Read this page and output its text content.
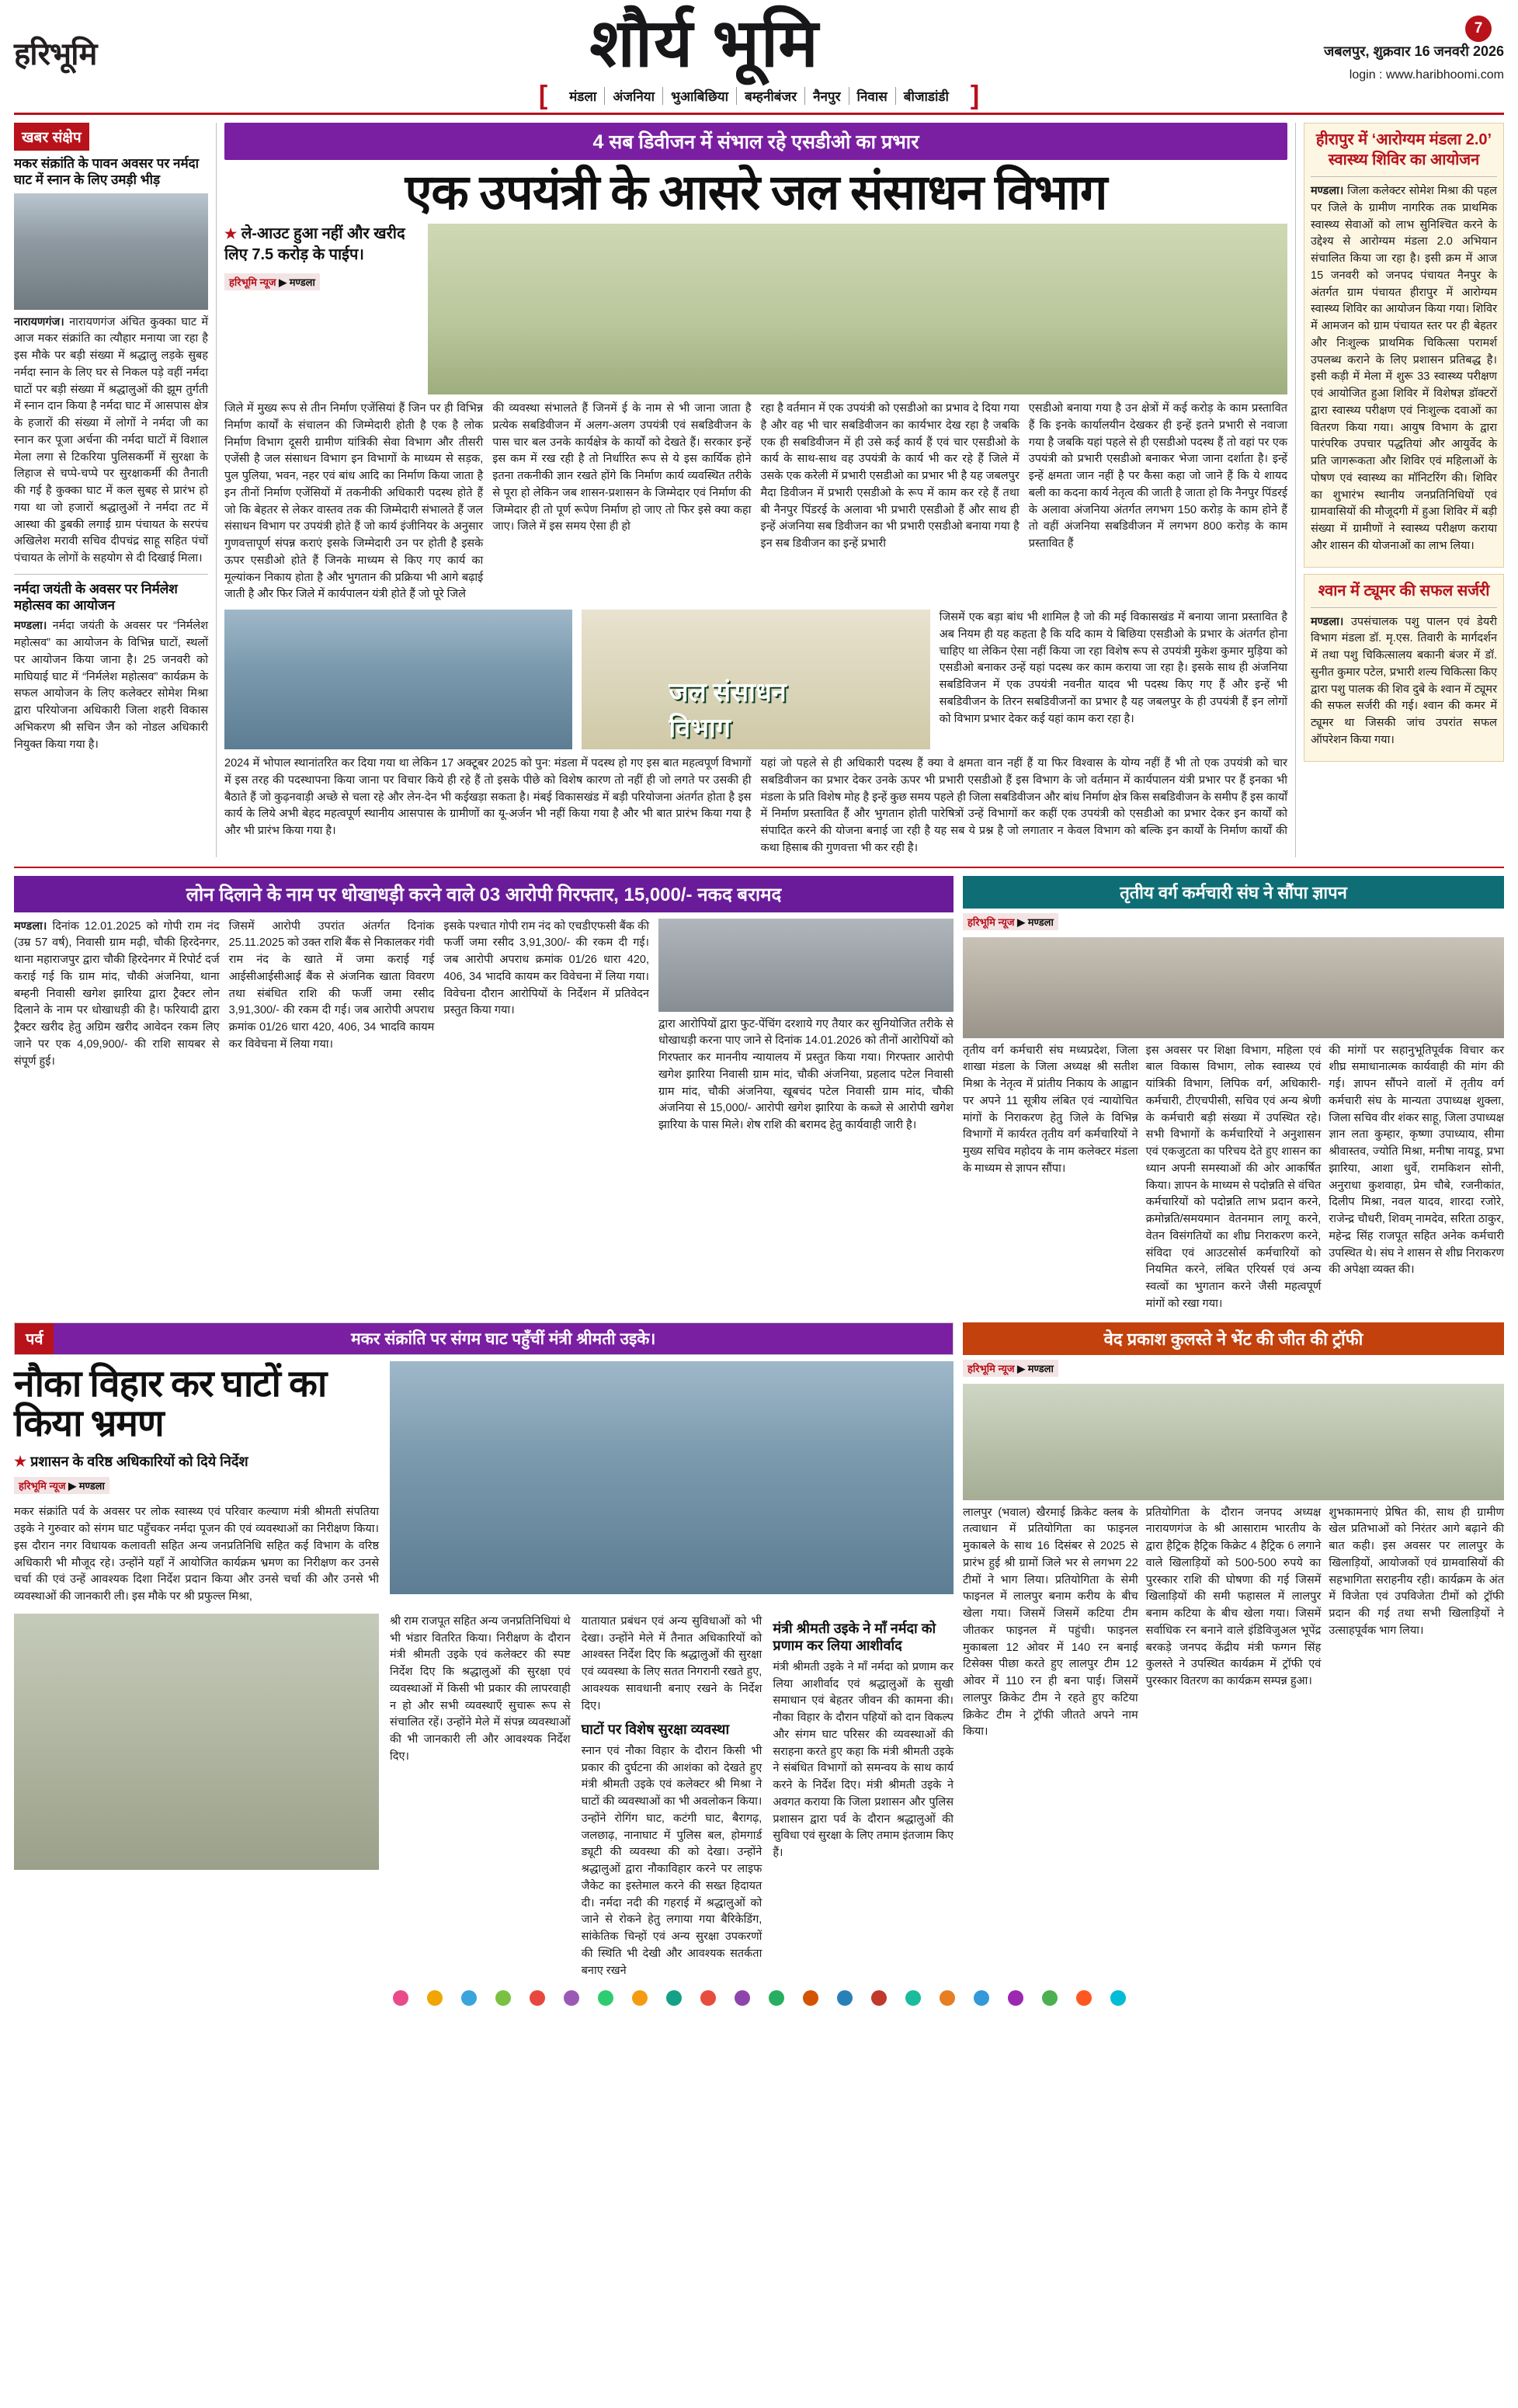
7
हरिभूमि	शौर्य भूमि	जबलपुर, शुक्रवार 16 जनवरी 2026
login : www.haribhoomi.com
[	मंडला	अंजनिया	भुआबिछिया	बम्हनीबंजर	नैनपुर	निवास	बीजाडांडी ]
खबर संक्षेप
मकर संक्रांति के पावन अवसर पर नर्मदा घाट में स्नान के लिए उमड़ी भीड़

नारायणगंज। नारायणगंज अंचित कुक्का घाट में आज मकर संक्रांति का त्यौहार मनाया जा रहा है इस मौके पर बड़ी संख्या में श्रद्धालु लड़के सुबह नर्मदा स्नान के लिए घर से निकल पड़े वहीं नर्मदा घाटों पर बड़ी संख्या में श्रद्धालुओं की झूम तुर्गती में स्नान दान किया है नर्मदा घाट में आसपास क्षेत्र के हजारों की संख्या में लोगों ने नर्मदा जी का स्नान कर पूजा अर्चना की नर्मदा घाटों में विशाल मेला लगा से टिकरिया पुलिसकर्मी में सुरक्षा के लिहाज से चप्पे-चप्पे पर सुरक्षाकर्मी की तैनाती की गई है कुक्का घाट में कल सुबह से प्रारंभ हो गया था जो हजारों श्रद्धालुओं ने नर्मदा तट में आस्था की डुबकी लगाई ग्राम पंचायत के सरपंच अखिलेश मरावी सचिव दीपचंद्र साहू सहित पंचों पंचायत के लोगों के सहयोग से दी दिखाई मिला।

नर्मदा जयंती के अवसर पर निर्मलेश महोत्सव का आयोजन

मण्डला। नर्मदा जयंती के अवसर पर “निर्मलेश महोत्सव” का आयोजन के विभिन्न घाटों, स्थलों पर आयोजन किया जाना है। 25 जनवरी को माघियाई घाट में “निर्मलेश महोत्सव” कार्यक्रम के सफल आयोजन के लिए कलेक्टर सोमेश मिश्रा द्वारा परियोजना अधिकारी जिला शहरी विकास अभिकरण श्री सचिन जैन को नोडल अधिकारी नियुक्त किया गया है।

4 सब डिवीजन में संभाल रहे एसडीओ का प्रभार
एक उपयंत्री के आसरे जल संसाधन विभाग
★ ले-आउट हुआ नहीं और खरीद लिए 7.5 करोड़ के पाईप।
हरिभूमि न्यूज ▶ मण्डला
जिले में मुख्य रूप से तीन निर्माण एजेंसियां हैं जिन पर ही विभिन्न निर्माण कार्यों के संचालन की जिम्मेदारी होती है एक है लोक निर्माण विभाग दूसरी ग्रामीण यांत्रिकी सेवा विभाग और तीसरी एजेंसी है जल संसाधन विभाग इन विभागों के माध्यम से सड़क, पुल पुलिया, भवन, नहर एवं बांध आदि का निर्माण किया जाता है इन तीनों निर्माण एजेंसियों में तकनीकी अधिकारी पदस्थ होते हैं जो कि बेहतर से लेकर वास्तव तक की जिम्मेदारी संभालते हैं जल संसाधन विभाग पर उपयंत्री होते हैं जो कार्य इंजीनियर के अनुसार गुणवत्तापूर्ण संपन्न कराएं इसके जिम्मेदारी उन पर होती है इसके ऊपर एसडीओ होते हैं जिनके माध्यम से किए गए कार्य का मूल्यांकन निकाय होता है और भुगतान की प्रक्रिया भी आगे बढ़ाई जाती है और फिर जिले में कार्यपालन यंत्री होते हैं जो पूरे जिले
की व्यवस्था संभालते हैं जिनमें ई के नाम से भी जाना जाता है प्रत्येक सबडिवीजन में अलग-अलग उपयंत्री एवं सबडिवीजन के पास चार बल उनके कार्यक्षेत्र के कार्यों को देखते हैं। सरकार इन्हें इस कम में रख रही है तो निर्धारित रूप से ये इस कार्यिक होने इतना तकनीकी ज्ञान रखते होंगे कि निर्माण कार्य व्यवस्थित तरीके से पूरा हो लेकिन जब शासन-प्रशासन के जिम्मेदार एवं निर्माण की जिम्मेदार ही तो पूर्ण रूपेण निर्माण हो जाए तो फिर इसे क्या कहा जाए। जिले में इस समय ऐसा ही हो
रहा है वर्तमान में एक उपयंत्री को एसडीओ का प्रभाव दे दिया गया है और वह भी चार सबडिवीजन का कार्यभार देख रहा है जबकि एक ही सबडिवीजन में ही उसे कई कार्य हैं एवं चार एसडीओ के कार्य के साथ-साथ वह उपयंत्री के कार्य भी कर रहे हैं जिले में उसके एक करेली में प्रभारी एसडीओ का प्रभार भी है यह जबलपुर मैदा डिवीजन में प्रभारी एसडीओ के रूप में काम कर रहे हैं तथा बी नैनपुर पिंडरई के अलावा भी प्रभारी एसडीओ हैं और साथ ही इन्हें अंजनिया सब डिवीजन का भी प्रभारी एसडीओ बनाया गया है इन सब डिवीजन का इन्हें प्रभारी
एसडीओ बनाया गया है उन क्षेत्रों में कई करोड़ के काम प्रस्तावित हैं कि इनके कार्यालयीन देखकर ही इन्हें इतने प्रभारी से नवाजा गया है जबकि यहां पहले से ही एसडीओ पदस्थ हैं तो वहां पर एक उपयंत्री को प्रभारी एसडीओ बनाकर भेजा जाना दर्शाता है। इन्हें इन्हें क्षमता जान नहीं है पर कैसा कहा जो जाने हैं कि ये शायद बली का कदना कार्य नेतृत्व की जाती है जाता हो कि नैनपुर पिंडरई के अलावा अंजनिया अंतर्गत लगभग 150 करोड़ के काम होने हैं तो वहीं अंजनिया सबडिवीजन में लगभग 800 करोड़ के काम प्रस्तावित हैं
जल संसाधन विभाग
जिसमें एक बड़ा बांध भी शामिल है जो की मई विकासखंड में बनाया जाना प्रस्तावित है अब नियम ही यह कहता है कि यदि काम ये बिछिया एसडीओ के प्रभार के अंतर्गत होना चाहिए था लेकिन ऐसा नहीं किया जा रहा विशेष रूप से उपयंत्री मुकेश कुमार मुड़िया को एसडीओ बनाकर उन्हें यहां पदस्थ कर काम कराया जा रहा है। इसके साथ ही अंजनिया सबडिविजन में एक उपयंत्री नवनीत यादव भी पदस्थ किए गए हैं और इन्हें भी सबडिवीजन के तिरन सबडिवीजनों का प्रभार है यह जबलपुर के ही उपयंत्री हैं इन लोगों को विभाग प्रभार देकर कई यहां काम करा रहा है।
2024 में भोपाल स्थानांतरित कर दिया गया था लेकिन 17 अक्टूबर 2025 को पुन: मंडला में पदस्थ हो गए इस बात महत्वपूर्ण विभागों में इस तरह की पदस्थापना किया जाना पर विचार किये ही रहे हैं तो इसके पीछे को विशेष कारण तो नहीं ही जो लगते पर उसकी ही बैठाते हैं जो कुढ़नवाड़ी अच्छे से चला रहे और लेन-देन भी कईखड़ा सकता है। मंबई विकासखंड में बड़ी परियोजना अंतर्गत होता है इस कार्य के लिये अभी बेहद महत्वपूर्ण स्थानीय आसपास के ग्रामीणों का यू-अर्जन भी नहीं किया गया है और भी बात प्रारंभ किया गया है और भी प्रारंभ किया गया है।
यहां जो पहले से ही अधिकारी पदस्थ हैं क्या वे क्षमता वान नहीं हैं या फिर विश्वास के योग्य नहीं हैं भी तो एक उपयंत्री को चार सबडिवीजन का प्रभार देकर उनके ऊपर भी प्रभारी एसडीओ हैं इस विभाग के जो वर्तमान में कार्यपालन यंत्री प्रभार पर हैं इनका भी मंडला के प्रति विशेष मोह है इन्हें कुछ समय पहले ही जिला सबडिवीजन और बांध निर्माण क्षेत्र किस सबडिवीजन के समीप हैं इस कार्यों में निर्माण प्रस्तावित हैं और भुगतान होती पारेषित्रों उन्हें विभागों कर कहीं एक उपयंत्री को एसडीओ का प्रभार देकर इन कार्यों को संपादित करने की योजना बनाई जा रही है यह सब ये प्रश्न है जो लगातार न केवल विभाग को बल्कि इन कार्यों के निर्माण कार्यों की कथा हिसाब की गुणवत्ता भी कर रही है।
हीरापुर में ‘आरोग्यम मंडला 2.0’ स्वास्थ्य शिविर का आयोजन

मण्डला। जिला कलेक्टर सोमेश मिश्रा की पहल पर जिले के ग्रामीण नागरिक तक प्राथमिक स्वास्थ्य सेवाओं को लाभ सुनिश्चित करने के उद्देश्य से आरोग्यम मंडला 2.0 अभियान संचालित किया जा रहा है। इसी क्रम में आज 15 जनवरी को जनपद पंचायत नैनपुर के अंतर्गत ग्राम पंचायत हीरापुर में आरोग्यम स्वास्थ्य शिविर का आयोजन किया गया। शिविर में आमजन को ग्राम पंचायत स्तर पर ही बेहतर और निःशुल्क प्राथमिक चिकित्सा परामर्श उपलब्ध कराने के लिए प्रशासन प्रतिबद्ध है। इसी कड़ी में मेला में शुरू 33 स्वास्थ्य परीक्षण एवं आयोजित हुआ शिविर में विशेषज्ञ डॉक्टरों द्वारा स्वास्थ्य परीक्षण एवं निःशुल्क दवाओं का वितरण किया गया। आयुष विभाग के द्वारा पारंपरिक उपचार पद्धतियां और आयुर्वेद के प्रति जागरूकता और शिविर एवं महिलाओं के पोषण एवं स्वास्थ्य का मॉनिटरिंग की। शिविर का शुभारंभ स्थानीय जनप्रतिनिधियों एवं ग्रामवासियों की मौजूदगी में हुआ शिविर में बड़ी संख्या में ग्रामीणों ने स्वास्थ्य परीक्षण कराया और शासन की योजनाओं का लाभ लिया।

श्वान में ट्यूमर की सफल सर्जरी

मण्डला। उपसंचालक पशु पालन एवं डेयरी विभाग मंडला डॉ. मृ.एस. तिवारी के मार्गदर्शन में तथा पशु चिकित्सालय बकानी बंजर में डॉ. सुनीत कुमार पटेल, प्रभारी शल्य चिकित्सा किए द्वारा पशु पालक की शिव दुबे के श्वान में ट्यूमर की सफल सर्जरी की गई। श्वान की कमर में ट्यूमर था जिसकी जांच उपरांत सफल ऑपरेशन किया गया।

लोन दिलाने के नाम पर धोखाधड़ी करने वाले 03 आरोपी गिरफ्तार, 15,000/- नकद बरामद
मण्डला। दिनांक 12.01.2025 को गोपी राम नंद (उम्र 57 वर्ष), निवासी ग्राम मढ़ी, चौकी हिरदेनगर, थाना महाराजपुर द्वारा चौकी हिरदेनगर में रिपोर्ट दर्ज कराई गई कि ग्राम मांद, चौकी अंजनिया, थाना बम्हनी निवासी खगेश झारिया द्वारा ट्रैक्टर लोन दिलाने के नाम पर धोखाधड़ी की है। फरियादी द्वारा ट्रैक्टर खरीद हेतु अग्रिम खरीद आवेदन रकम लिए जाने पर एक 4,09,900/- की राशि सायबर से संपूर्ण हुई।
जिसमें आरोपी उपरांत अंतर्गत दिनांक 25.11.2025 को उक्त राशि बैंक से निकालकर गंवी राम नंद के खाते में जमा कराई गई आईसीआईसीआई बैंक से अंजनिक खाता विवरण तथा संबंधित राशि की फर्जी जमा रसीद 3,91,300/- की रकम दी गई। जब आरोपी अपराध क्रमांक 01/26 धारा 420, 406, 34 भादवि कायम कर विवेचना में लिया गया।
इसके पश्चात गोपी राम नंद को एचडीएफसी बैंक की फर्जी जमा रसीद 3,91,300/- की रकम दी गई। जब आरोपी अपराध क्रमांक 01/26 धारा 420, 406, 34 भादवि कायम कर विवेचना में लिया गया। विवेचना दौरान आरोपियों के निर्देशन में प्रतिवेदन प्रस्तुत किया गया।
द्वारा आरोपियों द्वारा फुट-पेंचिंग दरशाये गए तैयार कर सुनियोजित तरीके से धोखाधड़ी करना पाए जाने से दिनांक 14.01.2026 को तीनों आरोपियों को गिरफ्तार कर माननीय न्यायालय में प्रस्तुत किया गया। गिरफ्तार आरोपी खगेश झारिया निवासी ग्राम मांद, चौकी अंजनिया, प्रहलाद पटेल निवासी ग्राम मांद, चौकी अंजनिया, खूबचंद पटेल निवासी ग्राम मांद, चौकी अंजनिया से 15,000/- आरोपी खगेश झारिया के कब्जे से आरोपी खगेश झारिया के पास मिले। शेष राशि की बरामद हेतु कार्यवाही जारी है।
तृतीय वर्ग कर्मचारी संघ ने सौंपा ज्ञापन
हरिभूमि न्यूज ▶ मण्डला
तृतीय वर्ग कर्मचारी संघ मध्यप्रदेश, जिला शाखा मंडला के जिला अध्यक्ष श्री सतीश मिश्रा के नेतृत्व में प्रांतीय निकाय के आह्वान पर अपने 11 सूत्रीय लंबित एवं न्यायोचित मांगों के निराकरण हेतु जिले के विभिन्न विभागों में कार्यरत तृतीय वर्ग कर्मचारियों ने मुख्य सचिव महोदय के नाम कलेक्टर मंडला के माध्यम से ज्ञापन सौंपा।
इस अवसर पर शिक्षा विभाग, महिला एवं बाल विकास विभाग, लोक स्वास्थ्य एवं यांत्रिकी विभाग, लिपिक वर्ग, अधिकारी-कर्मचारी, टीएचपीसी, सचिव एवं अन्य श्रेणी के कर्मचारी बड़ी संख्या में उपस्थित रहे। सभी विभागों के कर्मचारियों ने अनुशासन एवं एकजुटता का परिचय देते हुए शासन का ध्यान अपनी समस्याओं की ओर आकर्षित किया। ज्ञापन के माध्यम से पदोन्नति से वंचित कर्मचारियों को पदोन्नति लाभ प्रदान करने, क्रमोन्नति/समयमान वेतनमान लागू करने, वेतन विसंगतियों का शीघ्र निराकरण करने, संविदा एवं आउटसोर्स कर्मचारियों को नियमित करने, लंबित एरियर्स एवं अन्य स्वत्वों का भुगतान करने जैसी महत्वपूर्ण मांगों को रखा गया।
की मांगों पर सहानुभूतिपूर्वक विचार कर शीघ्र समाधानात्मक कार्यवाही की मांग की गई। ज्ञापन सौंपने वालों में तृतीय वर्ग कर्मचारी संघ के मान्यता उपाध्यक्ष शुक्ला, जिला सचिव वीर शंकर साहू, जिला उपाध्यक्ष ज्ञान लता कुम्हार, कृष्णा उपाध्याय, सीमा श्रीवास्तव, ज्योति मिश्रा, मनीषा नायडू, प्रभा झारिया, आशा धुर्वे, रामकिशन सोनी, अनुराधा कुशवाहा, प्रेम चौबे, रजनीकांत, दिलीप मिश्रा, नवल यादव, शारदा रजोरे, राजेन्द्र चौधरी, शिवम् नामदेव, सरिता ठाकुर, महेन्द्र सिंह राजपूत सहित अनेक कर्मचारी उपस्थित थे। संघ ने शासन से शीघ्र निराकरण की अपेक्षा व्यक्त की।
पर्व	मकर संक्रांति पर संगम घाट पहुँचीं मंत्री श्रीमती उइके।
नौका विहार कर घाटों का किया भ्रमण
★ प्रशासन के वरिष्ठ अधिकारियों को दिये निर्देश
हरिभूमि न्यूज ▶ मण्डला
मकर संक्रांति पर्व के अवसर पर लोक स्वास्थ्य एवं परिवार कल्याण मंत्री श्रीमती संपतिया उइके ने गुरुवार को संगम घाट पहुँचकर नर्मदा पूजन की एवं व्यवस्थाओं का निरीक्षण किया। इस दौरान नगर विधायक कलावती सहित अन्य जनप्रतिनिधि सहित कई विभाग के वरिष्ठ अधिकारी भी मौजूद रहे। उन्होंने यहाँ नें आयोजित कार्यक्रम भ्रमण का निरीक्षण कर उनसे चर्चा की एवं उन्हें आवश्यक दिशा निर्देश प्रदान किया और उनसे चर्चा की और उनसे भी व्यवस्थाओं की जानकारी ली। इस मौके पर श्री प्रफुल्ल मिश्रा,
श्री राम राजपूत सहित अन्य जनप्रतिनिधियां थे भी भंडार वितरित किया। निरीक्षण के दौरान मंत्री श्रीमती उइके एवं कलेक्टर की स्पष्ट निर्देश दिए कि श्रद्धालुओं की सुरक्षा एवं व्यवस्थाओं में किसी भी प्रकार की लापरवाही न हो और सभी व्यवस्थाएँ सुचारू रूप से संचालित रहें। उन्होंने मेले में संपन्न व्यवस्थाओं की भी जानकारी ली और आवश्यक निर्देश दिए।
यातायात प्रबंधन एवं अन्य सुविधाओं को भी देखा। उन्होंने मेले में तैनात अधिकारियों को आश्वस्त निर्देश दिए कि श्रद्धालुओं की सुरक्षा एवं व्यवस्था के लिए सतत निगरानी रखते हुए, आवश्यक सावधानी बनाए रखने के निर्देश दिए।
घाटों पर विशेष सुरक्षा व्यवस्था
स्नान एवं नौका विहार के दौरान किसी भी प्रकार की दुर्घटना की आशंका को देखते हुए मंत्री श्रीमती उइके एवं कलेक्टर श्री मिश्रा ने घाटों की व्यवस्थाओं का भी अवलोकन किया। उन्होंने रोगिंग घाट, कटंगी घाट, बैरागढ़, जलछाढ़, नानाघाट में पुलिस बल, होमगार्ड ड्यूटी की व्यवस्था की को देखा। उन्होंने श्रद्धालुओं द्वारा नौकाविहार करने पर लाइफ जैकेट का इस्तेमाल करने की सख्त हिदायत दी। नर्मदा नदी की गहराई में श्रद्धालुओं को जाने से रोकने हेतु लगाया गया बैरिकेडिंग, सांकेतिक चिन्हों एवं अन्य सुरक्षा उपकरणों की स्थिति भी देखी और आवश्यक सतर्कता बनाए रखने
मंत्री श्रीमती उइके ने माँ नर्मदा को प्रणाम कर लिया आशीर्वाद
मंत्री श्रीमती उइके ने माँ नर्मदा को प्रणाम कर लिया आशीर्वाद एवं श्रद्धालुओं के सुखी समाधान एवं बेहतर जीवन की कामना की। नौका विहार के दौरान पहियों को दान विकल्प और संगम घाट परिसर की व्यवस्थाओं की सराहना करते हुए कहा कि मंत्री श्रीमती उइके ने संबंधित विभागों को समन्वय के साथ कार्य करने के निर्देश दिए। मंत्री श्रीमती उइके ने अवगत कराया कि जिला प्रशासन और पुलिस प्रशासन द्वारा पर्व के दौरान श्रद्धालुओं की सुविधा एवं सुरक्षा के लिए तमाम इंतजाम किए हैं।
वेद प्रकाश कुलस्ते ने भेंट की जीत की ट्रॉफी
हरिभूमि न्यूज ▶ मण्डला
लालपुर (भवाल) खैरमाई क्रिकेट क्लब के तत्वाधान में प्रतियोगिता का फाइनल मुकाबले के साथ 16 दिसंबर से 2025 से प्रारंभ हुई श्री ग्रामों जिले भर से लगभग 22 टीमों ने भाग लिया। प्रतियोगिता के सेमी फाइनल में लालपुर बनाम करीय के बीच खेला गया। जिसमें जिसमें कटिया टीम जीतकर फाइनल में पहुंची। फाइनल मुकाबला 12 ओवर में 140 रन बनाई टिसेक्स पीछा करते हुए लालपुर टीम 12 ओवर में 110 रन ही बना पाई। जिसमें लालपुर क्रिकेट टीम ने रहते हुए कटिया क्रिकेट टीम ने ट्रॉफी जीतते अपने नाम किया।
प्रतियोगिता के दौरान जनपद अध्यक्ष नारायणगंज के श्री आसाराम भारतीय के द्वारा हैट्रिक हैट्रिक किक्रेट 4 हैट्रिक 6 लगाने वाले खिलाड़ियों को 500-500 रुपये का पुरस्कार राशि की घोषणा की गई जिसमें खिलाड़ियों की समी फहासल में लालपुर बनाम कटिया के बीच खेला गया। जिसमें सर्वाधिक रन बनाने वाले इंडिविजुअल भूपेंद्र बरकड़े जनपद केंद्रीय मंत्री फग्गन सिंह कुलस्ते ने उपस्थित कार्यक्रम में ट्रॉफी एवं पुरस्कार वितरण का कार्यक्रम सम्पन्न हुआ।
शुभकामनाएं प्रेषित की, साथ ही ग्रामीण खेल प्रतिभाओं को निरंतर आगे बढ़ाने की बात कही। इस अवसर पर लालपुर के खिलाड़ियों, आयोजकों एवं ग्रामवासियों की सहभागिता सराहनीय रही। कार्यक्रम के अंत में विजेता एवं उपविजेता टीमों को ट्रॉफी प्रदान की गई तथा सभी खिलाड़ियों ने उत्साहपूर्वक भाग लिया।
